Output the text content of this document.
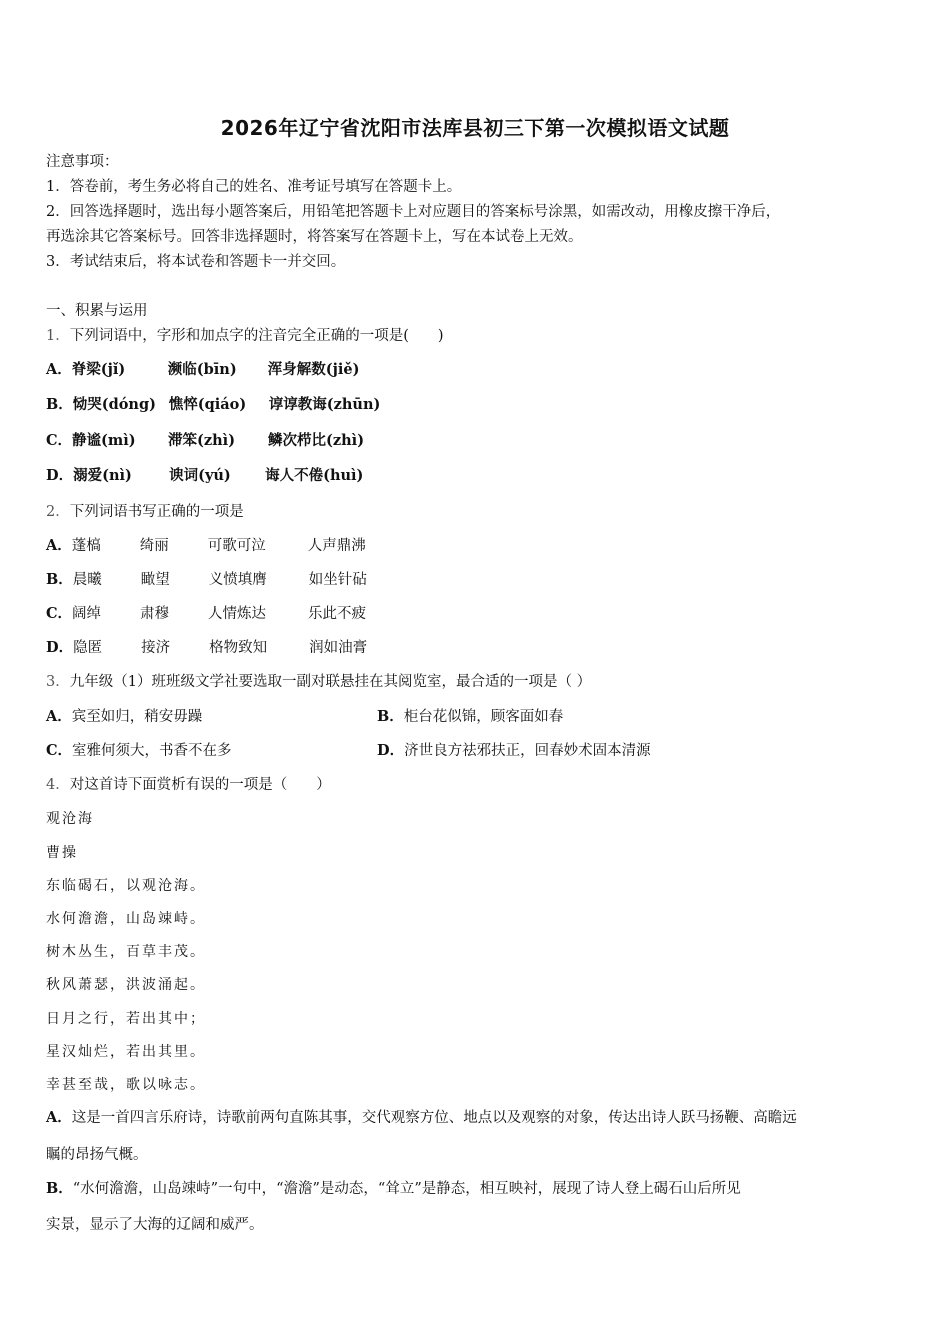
2026年辽宁省沈阳市法库县初三下第一次模拟语文试题
注意事项：
1．答卷前，考生务必将自己的姓名、准考证号填写在答题卡上。
2．回答选择题时，选出每小题答案后，用铅笔把答题卡上对应题目的答案标号涂黑，如需改动，用橡皮擦干净后，
再选涂其它答案标号。回答非选择题时，将答案写在答题卡上，写在本试卷上无效。
3．考试结束后，将本试卷和答题卡一并交回。
一、积累与运用
1．下列词语中，字形和加点字的注音完全正确的一项是(　　)
A．脊梁(jǐ)	濒临(bīn) 浑身解数(jiě)
B．恸哭(dóng) 憔悴(qiáo) 谆谆教诲(zhūn)
C．静谧(mì) 滞笨(zhì) 鳞次栉比(zhì)
D．溺爱(nì)	谀词(yú) 诲人不倦(huì)
2．下列词语书写正确的一项是
A．蓬槁	绮丽	可歌可泣	人声鼎沸
B．晨曦	瞰望	义愤填膺	如坐针砧
C．阔绰	肃穆	人情炼达	乐此不疲
D．隐匿	接济	格物致知	润如油膏
3．九年级（1）班班级文学社要选取一副对联悬挂在其阅览室，最合适的一项是（ ）
A．宾至如归，稍安毋躁	B．柜台花似锦，顾客面如春
C．室雅何须大，书香不在多	D．济世良方祛邪扶正，回春妙术固本清源
4．对这首诗下面赏析有误的一项是（　　）
观沧海
曹操
东临碣石，以观沧海。
水何澹澹，山岛竦峙。
树木丛生，百草丰茂。
秋风萧瑟，洪波涌起。
日月之行，若出其中；
星汉灿烂，若出其里。
幸甚至哉，歌以咏志。
A．这是一首四言乐府诗，诗歌前两句直陈其事，交代观察方位、地点以及观察的对象，传达出诗人跃马扬鞭、高瞻远
瞩的昂扬气概。
B．“水何澹澹，山岛竦峙”一句中，“澹澹”是动态，“耸立”是静态，相互映衬，展现了诗人登上碣石山后所见
实景，显示了大海的辽阔和威严。
